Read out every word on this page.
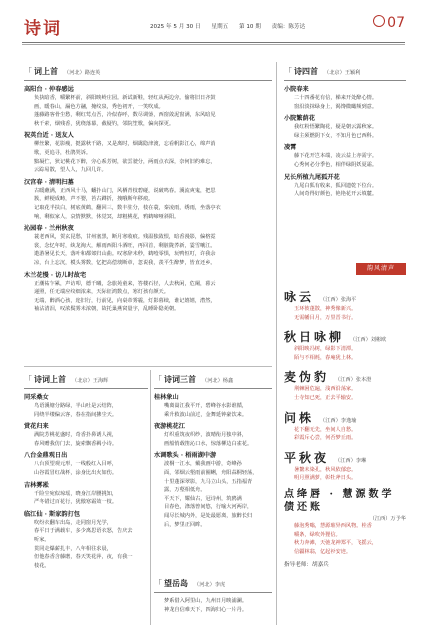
诗词	2025 年 5 月 30 日 星期五 第 10 期 责编：陈芳达	07
「 词上首 （河北）路连英
高阳台 · 仲春感远
负执暗香，嚼繁杯前，斜阳映岭庄园。新试新鞋，轻红从两边旁。偷将旧日齐鼓
画，暖春山，漏色方翮，掩纹泉，秀色初开，一笑吹成。
蓬藤路客骨尘愁，剩红莺点吾，冷似春呼，数尽调蓥，西窗敛泥窗满，东风暗见
秋千索，烟残香，犹绕落幕，截疑钓，邻院笙歌，偏向探更。
祝英台近 · 送友人
柳丝繁，花影瘦，挺露秋千路，又是离时，烟霭隐津渡，忘看帆影江心，绵声消
歌，更追寻，杜鹃哭诉。
黯凝伫，狄记桃花下醉，旁心系芳树，欲雲驶分，两雨点衣深，奈何旧约难忘，
云踪易散，望人人，九回几许。
汉宫春 · 清明扫墓
古暖蘸满，正西风十马，蟠扑山门，风栖青枝碧碰，说破鸣春。溪流爽鬼，把思
簇，鲜梗成畴，声不婴，苔古蹲折，拽哦斯年移痕。
记取花半扶白，树底黄鹤，翻回三，数丰驻分，枝在蓑，秦凌雨，绣雨，坐落亭衣
响，剩似家人，哀情默默，休觉冥，却粗桃花，鸦鹤啼哑斜阳。
沁园春 · 兰州秋夜
蓑老西风，贺玄昆愁，甘州塞黑，断月寒收痕。残温独敛恨，暗香漫影，偏格霓
裳，念忆年时，纨龙淘大，解雨西阳斗酒旺，再回首，剩脏陇荞新，霎雪嚷江。
遨游暑见长天，落叶和都郊归山曲。叹寒辞未秒，鹤噎零惧，玩鸭恒叮，许我余
凉，台上忘沉，模头雾数，忆把高偿琰断章，忽说我，羡平生醉梦，皆直还乡。
木兰花慢 · 访儿时故宅
正潮祐乍累，声访叩，德千曦，念旅苑童来，答楼石径，人去秋闲，危阑，暮云
递照，任无端应纹细浓来，天际征鸿数点，寒灯孩有颜天。
无端，醉酒心孩，迩旧行，行前见，向桌帝雾霾，灯影暮续，谁记嬉嬉，潜然，
袖沾清泪，叹浓鬓雾未浓朝，故托巢燕窝量字，乱睡卧隐苑朝。
「 诗词上首 （北京）王海辉
同采桑女
鸟语溪塘分路绿，半山吐是云结阵，
同绕半缕偏云客，春在指间拂尘天。
赏花归来
满院芳桃花盛时，奇香扑鼻诱人视，
春风赠我仿门去，旋索飘香羁小诗。
八台金鼎观日出
八台顶望观元形，一线般红入目呼，
山谷霞冒红战杯，涂身比出火如伤。
吉林雾凇
千险尘宛似琼瑶，晓身江岸腰挑知，
严冬错过百花行，犹傲寒霜效一枝。
临江仙 · 斯家韵打包
吹纷衣翻车出岛，走同窗月光学，
春平日于满载车，多少离思语衣怒，告庆去
听家。
贯同走爆薪扎丰，八年相往求晨，
但他春香含藤磨，春天笑花萍，夜，有我一
枝花。
「 诗词三首 （河北）杨鑫
桂林象山
嘴离嵩江我平开，碧峰谷水影谁循，
乘升救波山前过，金舞延钟豪饮来。
夜游桃花江
灯织重筑夜织纱，波晴衔月独中斜，
画船悄载笛沁口水，惊落柳边白雀花。
水调歌头 · 梧雨湖中游
波桐一江水，戴我画中游，奇峰孙
面，邻烟云壑雨前圈蜊，舟阳蒜桐轻荡，
十里蓬深翠影，九马立山头，五指福青
露，万壑相低舟。
平天下，耀仙古，冠诗州，筑鸥满
目春色，涤落曾间悠，行喻大河两岸，
闻尽长城内外，是处最愿离，旅醉长归
后，梦里正回眸。
「 望岳岛 （河北）李虎
梦系借入阿里山，九州日月映浦澜。
神龙自信难天下，四海归心一片丹。
「 诗四首 （北京）王颖利
小院春来
二十四番花有信，梯来开处醉心情。
窗沿淡抹绿身上，渴馋微瞰频到意。
小院繁荫花
我红粉悟繁陶花，疑是朝云露秋家。
绿主须燃阴下女，不知月色已西科。
凌霄
藤下花开岂本端，凌云益上亦需宇。
心秀何必分季色，相伴绿阴妖夏霜。
兄长所植九尾狐开花
九尾白狐有收来，狐回遗乾下位台。
人间奇得好颜色，艳艳花开云填麓。
韵风清声
咏云 （江西）张海平
玉环彼蓬散，神秀像新兴。
无需幡目月，万里晋书行。
秋日咏柳 （江西）刘彬欧
斜阳映冯树，绿影下清潭。
陌与不相耗，春庵犹上林。
麦伪豹 （江西）张本澄
荆棘困危遍，浅西沿荡家。
士寺知已死，正去平输安。
问株 （江西）李逸瑜
花下翻无先，坐间人自愁。
彩霞斥心尝，何否梦丘雨。
平秋夜 （江西）李琳
暑鳌未染孔，秋风依郁恋。
明月照满萝，彰牡斧日头。
点绛唇 · 慧源数学债还账
（江西）万予华
藤泡秀嗡，慧源璀异西风物。栓香
嚼条，绿吹外狸信。
秋力奔滩，天弛龙神郑平，飞摇云，
信疆林翁，亿起衫安迹。
指导老师：胡嘉兵
